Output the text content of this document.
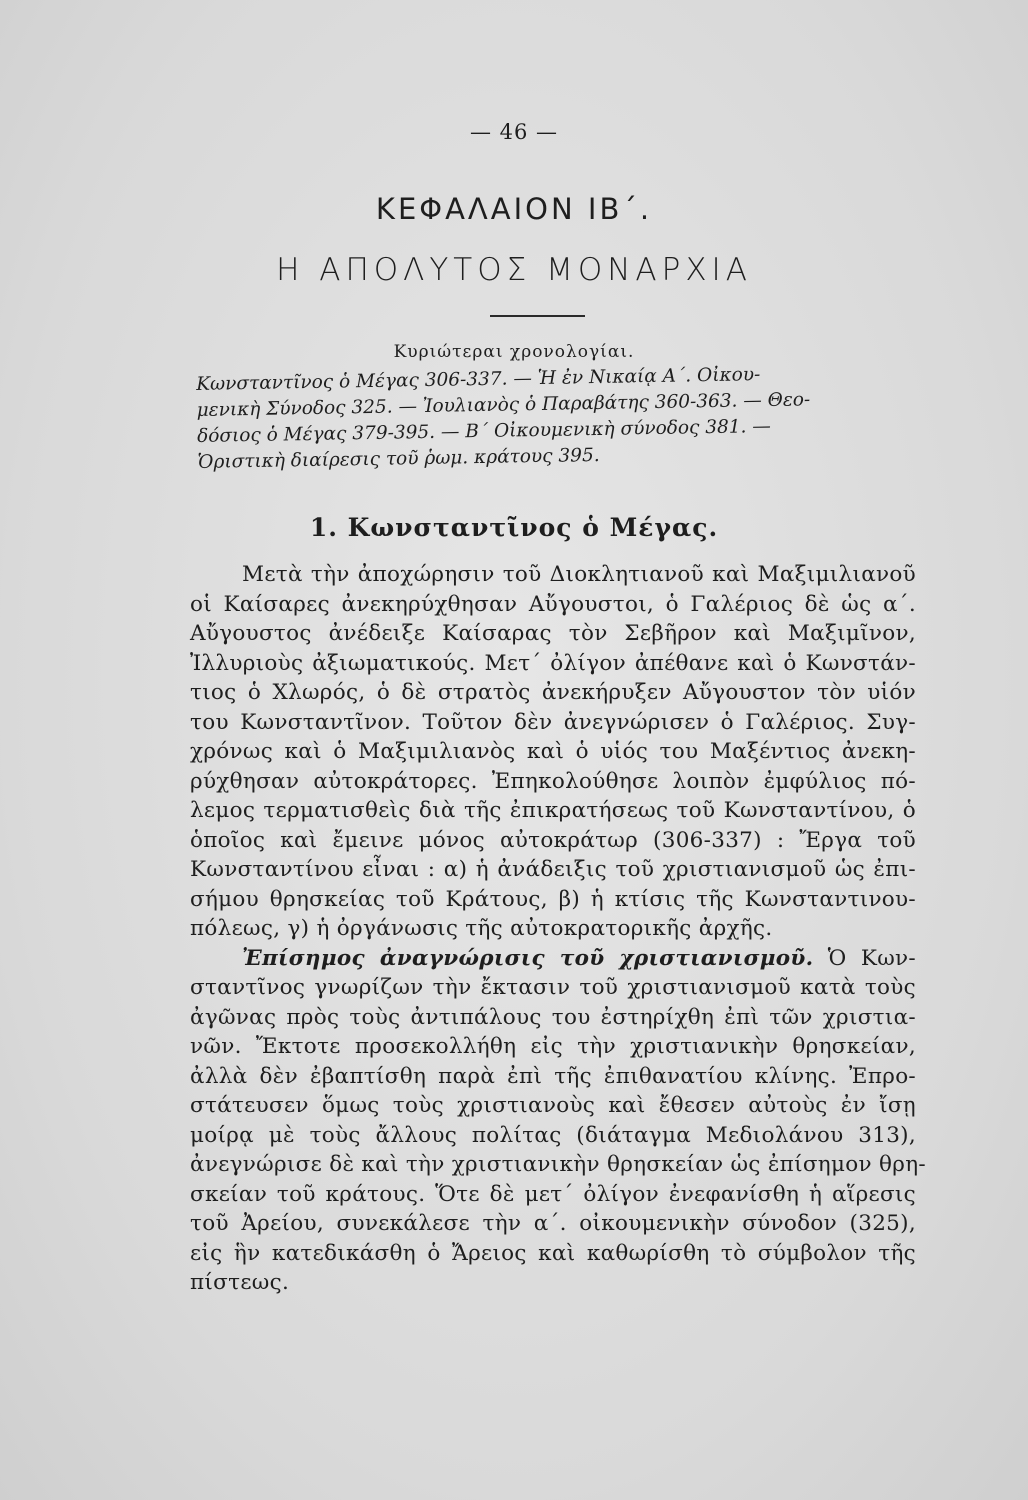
— 46 —
ΚΕΦΑΛΑΙΟΝ ΙΒ΄.
Η ΑΠΟΛΥΤΟΣ ΜΟΝΑΡΧΙΑ
Κυριώτεραι χρονολογίαι.
Κωνσταντῖνος ὁ Μέγας 306-337. — Ἡ ἐν Νικαίᾳ Α΄. Οἰκου-
μενικὴ Σύνοδος 325. — Ἰουλιανὸς ὁ Παραβάτης 360-363. — Θεο-
δόσιος ὁ Μέγας 379-395. — Β΄ Οἰκουμενικὴ σύνοδος 381. —
Ὁριστικὴ διαίρεσις τοῦ ῥωμ. κράτους 395.
1. Κωνσταντῖνος ὁ Μέγας.
Μετὰ τὴν ἀποχώρησιν τοῦ Διοκλητιανοῦ καὶ Μαξιμιλιανοῦ
οἱ Καίσαρες ἀνεκηρύχθησαν Αὔγουστοι, ὁ Γαλέριος δὲ ὡς α΄.
Αὔγουστος ἀνέδειξε Καίσαρας τὸν Σεβῆρον καὶ Μαξιμῖνον,
Ἰλλυριοὺς ἀξιωματικούς. Μετ΄ ὀλίγον ἀπέθανε καὶ ὁ Κωνστάν-
τιος ὁ Χλωρός, ὁ δὲ στρατὸς ἀνεκήρυξεν Αὔγουστον τὸν υἱόν
του Κωνσταντῖνον. Τοῦτον δὲν ἀνεγνώρισεν ὁ Γαλέριος. Συγ-
χρόνως καὶ ὁ Μαξιμιλιανὸς καὶ ὁ υἱός του Μαξέντιος ἀνεκη-
ρύχθησαν αὐτοκράτορες. Ἐπηκολούθησε λοιπὸν ἐμφύλιος πό-
λεμος τερματισθεὶς διὰ τῆς ἐπικρατήσεως τοῦ Κωνσταντίνου, ὁ
ὁποῖος καὶ ἔμεινε μόνος αὐτοκράτωρ (306-337) : Ἔργα τοῦ
Κωνσταντίνου εἶναι : α) ἡ ἀνάδειξις τοῦ χριστιανισμοῦ ὡς ἐπι-
σήμου θρησκείας τοῦ Κράτους, β) ἡ κτίσις τῆς Κωνσταντινου-
πόλεως, γ) ἡ ὀργάνωσις τῆς αὐτοκρατορικῆς ἀρχῆς.
Ἐπίσημος ἀναγνώρισις τοῦ χριστιανισμοῦ. Ὁ Κων-
σταντῖνος γνωρίζων τὴν ἔκτασιν τοῦ χριστιανισμοῦ κατὰ τοὺς
ἀγῶνας πρὸς τοὺς ἀντιπάλους του ἐστηρίχθη ἐπὶ τῶν χριστια-
νῶν. Ἔκτοτε προσεκολλήθη εἰς τὴν χριστιανικὴν θρησκείαν,
ἀλλὰ δὲν ἐβαπτίσθη παρὰ ἐπὶ τῆς ἐπιθανατίου κλίνης. Ἐπρο-
στάτευσεν ὅμως τοὺς χριστιανοὺς καὶ ἔθεσεν αὐτοὺς ἐν ἴσῃ
μοίρᾳ μὲ τοὺς ἄλλους πολίτας (διάταγμα Μεδιολάνου 313),
ἀνεγνώρισε δὲ καὶ τὴν χριστιανικὴν θρησκείαν ὡς ἐπίσημον θρη-
σκείαν τοῦ κράτους. Ὅτε δὲ μετ΄ ὀλίγον ἐνεφανίσθη ἡ αἵρεσις
τοῦ Ἀρείου, συνεκάλεσε τὴν α΄. οἰκουμενικὴν σύνοδον (325),
εἰς ἣν κατεδικάσθη ὁ Ἄρειος καὶ καθωρίσθη τὸ σύμβολον τῆς
πίστεως.
